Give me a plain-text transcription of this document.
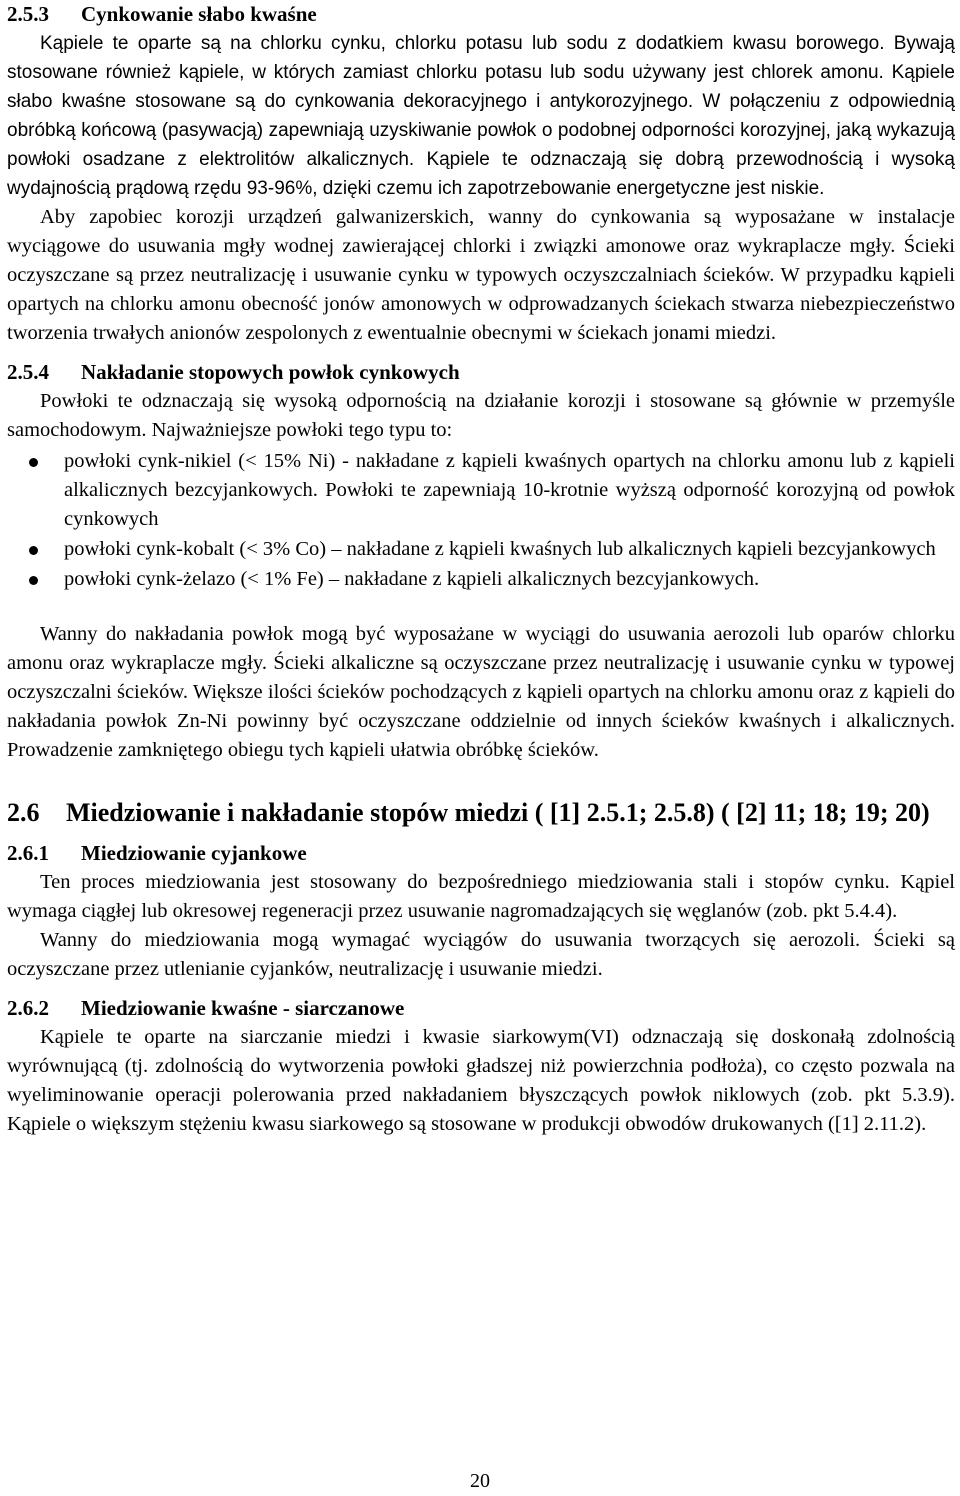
2.5.3	Cynkowanie słabo kwaśne

Kąpiele te oparte są na chlorku cynku, chlorku potasu lub sodu z dodatkiem kwasu borowego. Bywają stosowane również kąpiele, w których zamiast chlorku potasu lub sodu używany jest chlorek amonu. Kąpiele słabo kwaśne stosowane są do cynkowania dekoracyjnego i antykorozyjnego. W połączeniu z odpowiednią obróbką końcową (pasywacją) zapewniają uzyskiwanie powłok o podobnej odporności korozyjnej, jaką wykazują powłoki osadzane z elektrolitów alkalicznych. Kąpiele te odznaczają się dobrą przewodnością i wysoką wydajnością prądową rzędu 93-96%, dzięki czemu ich zapotrzebowanie energetyczne jest niskie.

Aby zapobiec korozji urządzeń galwanizerskich, wanny do cynkowania są wyposażane w instalacje wyciągowe do usuwania mgły wodnej zawierającej chlorki i związki amonowe oraz wykraplacze mgły. Ścieki oczyszczane są przez neutralizację i usuwanie cynku w typowych oczyszczalniach ścieków. W przypadku kąpieli opartych na chlorku amonu obecność jonów amonowych w odprowadzanych ściekach stwarza niebezpieczeństwo tworzenia trwałych anionów zespolonych z ewentualnie obecnymi w ściekach jonami miedzi.

2.5.4	Nakładanie stopowych powłok cynkowych

Powłoki te odznaczają się wysoką odpornością na działanie korozji i stosowane są głównie w przemyśle samochodowym. Najważniejsze powłoki tego typu to:

powłoki cynk-nikiel (< 15% Ni) - nakładane z kąpieli kwaśnych opartych na chlorku amonu lub z kąpieli alkalicznych bezcyjankowych. Powłoki te zapewniają 10-krotnie wyższą odporność korozyjną od powłok cynkowych
powłoki cynk-kobalt (< 3% Co) – nakładane z kąpieli kwaśnych lub alkalicznych kąpieli bezcyjankowych
powłoki cynk-żelazo (< 1% Fe) – nakładane z kąpieli alkalicznych bezcyjankowych.

Wanny do nakładania powłok mogą być wyposażane w wyciągi do usuwania aerozoli lub oparów chlorku amonu oraz wykraplacze mgły. Ścieki alkaliczne są oczyszczane przez neutralizację i usuwanie cynku w typowej oczyszczalni ścieków. Większe ilości ścieków pochodzących z kąpieli opartych na chlorku amonu oraz z kąpieli do nakładania powłok Zn-Ni powinny być oczyszczane oddzielnie od innych ścieków kwaśnych i alkalicznych. Prowadzenie zamkniętego obiegu tych kąpieli ułatwia obróbkę ścieków.

2.6	Miedziowanie i nakładanie stopów miedzi ( [1] 2.5.1; 2.5.8) ( [2] 11; 18; 19; 20)
2.6.1	Miedziowanie cyjankowe

Ten proces miedziowania jest stosowany do bezpośredniego miedziowania stali i stopów cynku. Kąpiel wymaga ciągłej lub okresowej regeneracji przez usuwanie nagromadzających się węglanów (zob. pkt 5.4.4).

Wanny do miedziowania mogą wymagać wyciągów do usuwania tworzących się aerozoli. Ścieki są oczyszczane przez utlenianie cyjanków, neutralizację i usuwanie miedzi.

2.6.2	Miedziowanie kwaśne - siarczanowe

Kąpiele te oparte na siarczanie miedzi i kwasie siarkowym(VI) odznaczają się doskonałą zdolnością wyrównującą (tj. zdolnością do wytworzenia powłoki gładszej niż powierzchnia podłoża), co często pozwala na wyeliminowanie operacji polerowania przed nakładaniem błyszczących powłok niklowych (zob. pkt 5.3.9). Kąpiele o większym stężeniu kwasu siarkowego są stosowane w produkcji obwodów drukowanych ([1] 2.11.2).

20
